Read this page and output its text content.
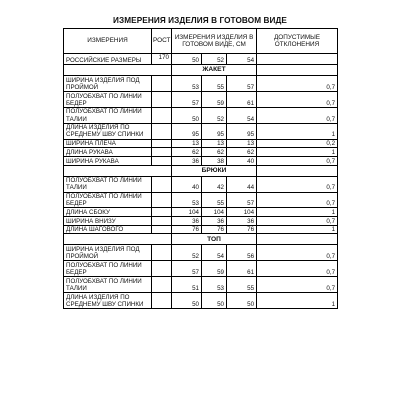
ИЗМЕРЕНИЯ ИЗДЕЛИЯ В ГОТОВОМ ВИДЕ
ИЗМЕРЕНИЯ	РОСТ	ИЗМЕРЕНИЯ ИЗДЕЛИЯ В ГОТОВОМ ВИДЕ, СМ			ДОПУСТИМЫЕ ОТКЛОНЕНИЯ
РОССИЙСКИЕ РАЗМЕРЫ	170	50	52	54	
		ЖАКЕТ			
ШИРИНА ИЗДЕЛИЯ ПОД ПРОЙМОЙ		53	55	57	0,7
ПОЛУОБХВАТ ПО ЛИНИИ БЕДЕР		57	59	61	0,7
ПОЛУОБХВАТ ПО ЛИНИИ ТАЛИИ		50	52	54	0,7
ДЛИНА ИЗДЕЛИЯ ПО СРЕДНЕМУ ШВУ СПИНКИ		95	95	95	1
ШИРИНА ПЛЕЧА		13	13	13	0,2
ДЛИНА РУКАВА		62	62	62	1
ШИРИНА РУКАВА		36	38	40	0,7
		БРЮКИ			
ПОЛУОБХВАТ ПО ЛИНИИ ТАЛИИ		40	42	44	0,7
ПОЛУОБХВАТ ПО ЛИНИИ БЕДЕР		53	55	57	0,7
ДЛИНА СБОКУ		104	104	104	1
ШИРИНА ВНИЗУ		36	36	36	0,7
ДЛИНА ШАГОВОГО		76	76	76	1
		ТОП			
ШИРИНА ИЗДЕЛИЯ ПОД ПРОЙМОЙ		52	54	56	0,7
ПОЛУОБХВАТ ПО ЛИНИИ БЕДЕР		57	59	61	0,7
ПОЛУОБХВАТ ПО ЛИНИИ ТАЛИИ		51	53	55	0,7
ДЛИНА ИЗДЕЛИЯ ПО СРЕДНЕМУ ШВУ СПИНКИ		50	50	50	1
